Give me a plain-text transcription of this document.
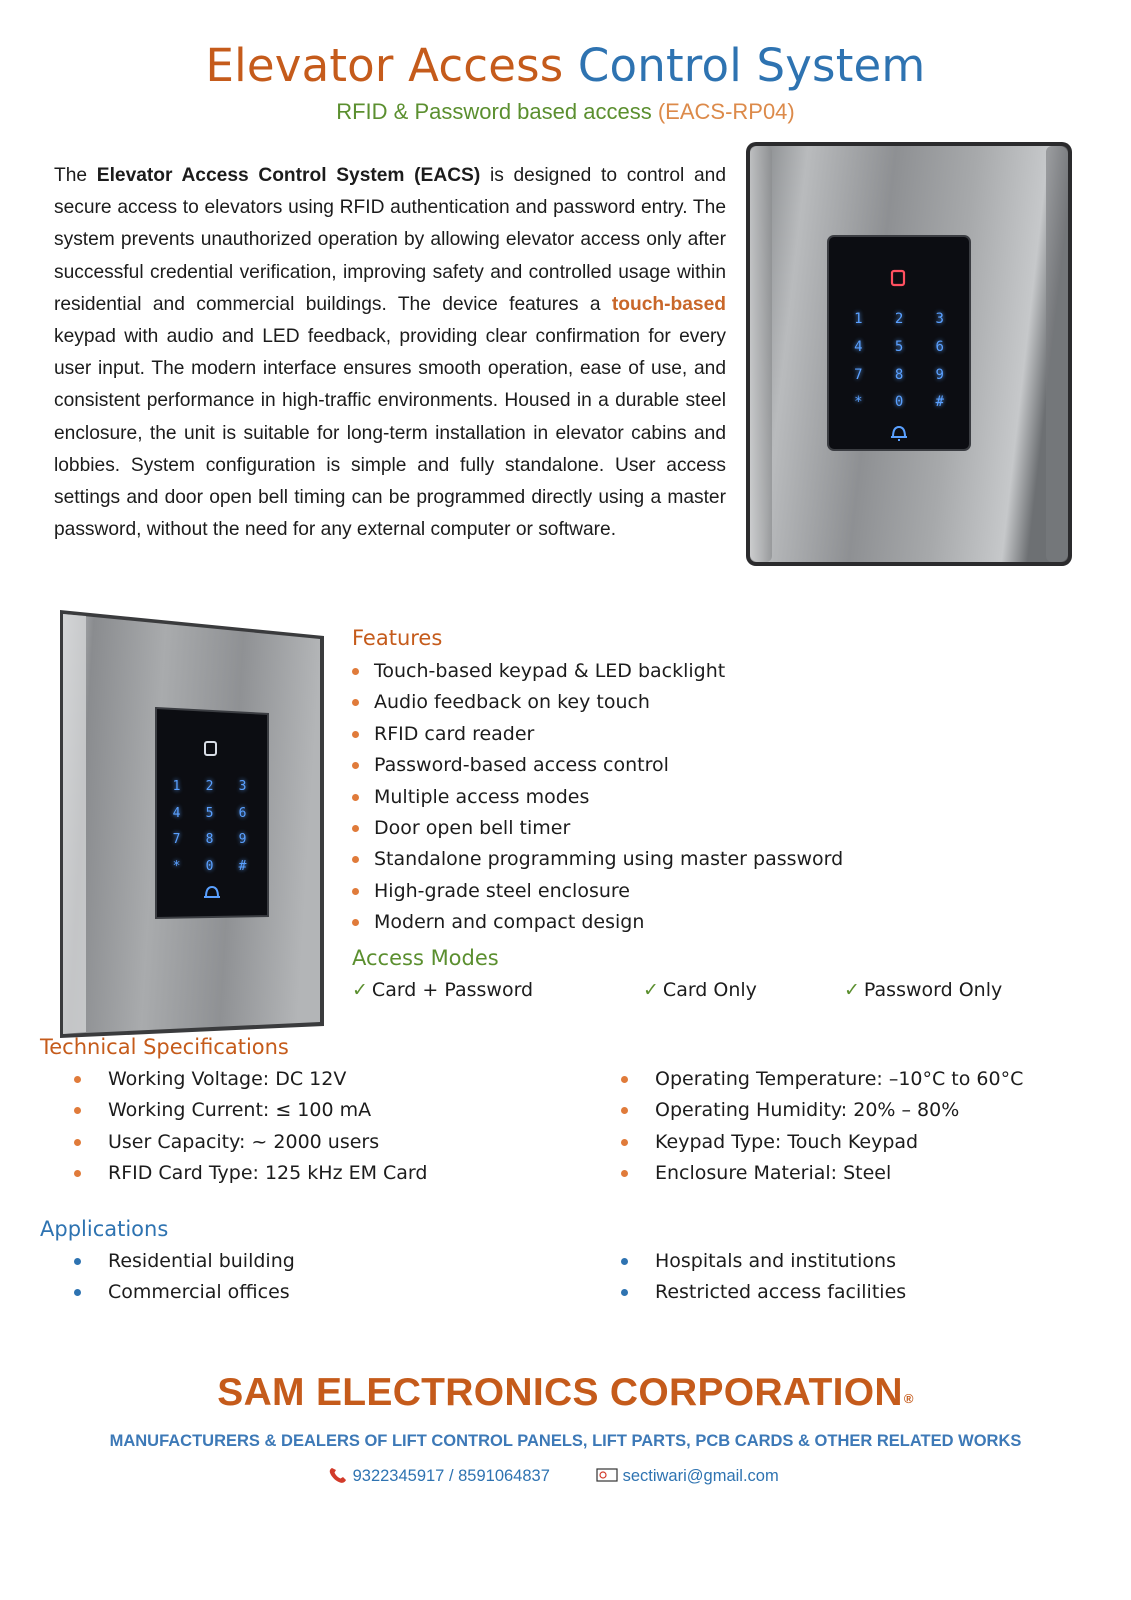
Elevator Access Control System
RFID & Password based access (EACS-RP04)
The Elevator Access Control System (EACS) is designed to control and secure access to elevators using RFID authentication and password entry. The system prevents unauthorized operation by allowing elevator access only after successful credential verification, improving safety and controlled usage within residential and commercial buildings. The device features a touch-based keypad with audio and LED feedback, providing clear confirmation for every user input. The modern interface ensures smooth operation, ease of use, and consistent performance in high-traffic environments. Housed in a durable steel enclosure, the unit is suitable for long-term installation in elevator cabins and lobbies. System configuration is simple and fully standalone. User access settings and door open bell timing can be programmed directly using a master password, without the need for any external computer or software.
1	2	3
4	5	6
7	8	9
*	0	#
1	2	3
4	5	6
7	8	9
*	0	#
Features
Touch-based keypad & LED backlight
Audio feedback on key touch
RFID card reader
Password-based access control
Multiple access modes
Door open bell timer
Standalone programming using master password
High-grade steel enclosure
Modern and compact design
Access Modes
✓ Card + Password	✓ Card Only	✓ Password Only
Technical Specifications
Working Voltage: DC 12V
Working Current: ≤ 100 mA
User Capacity: ~ 2000 users
RFID Card Type: 125 kHz EM Card
Operating Temperature: –10°C to 60°C
Operating Humidity: 20% – 80%
Keypad Type: Touch Keypad
Enclosure Material: Steel
Applications
Residential building
Commercial offices
Hospitals and institutions
Restricted access facilities
SAM ELECTRONICS CORPORATION®
MANUFACTURERS & DEALERS OF LIFT CONTROL PANELS, LIFT PARTS, PCB CARDS & OTHER RELATED WORKS
9322345917 / 8591064837	sectiwari@gmail.com
